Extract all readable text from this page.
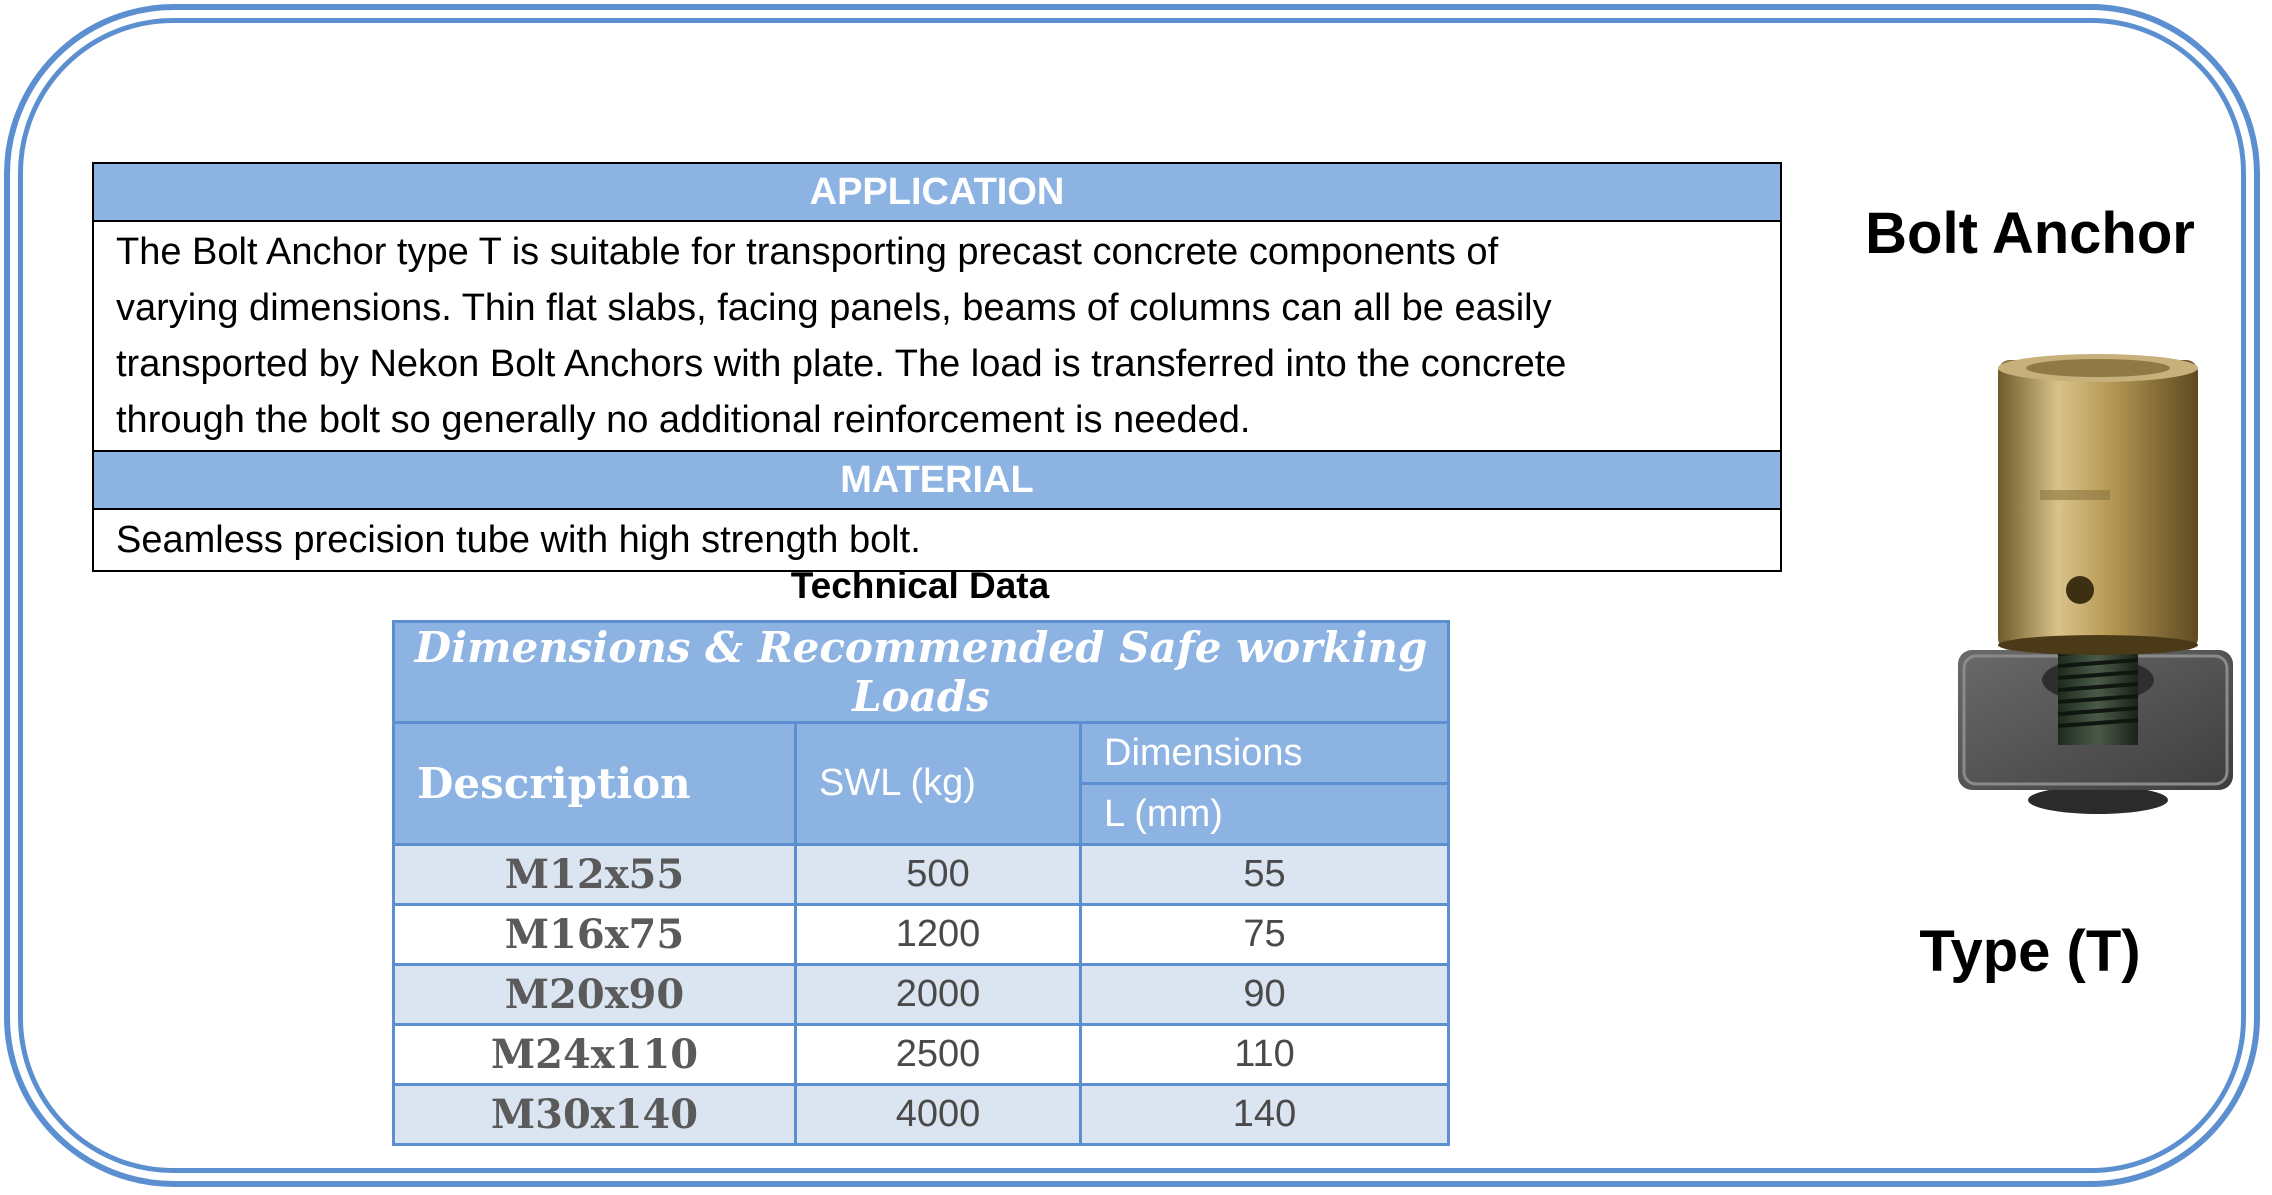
APPLICATION

The Bolt Anchor type T is suitable for transporting precast concrete components of
varying dimensions. Thin flat slabs, facing panels, beams of columns can all be easily
transported by Nekon Bolt Anchors with plate. The load is transferred into the concrete
through the bolt so generally no additional reinforcement is needed.

MATERIAL
Seamless precision tube with high strength bolt.
Technical Data
Dimensions & Recommended Safe working Loads		
Description	SWL (kg)	Dimensions
		L (mm)
M12x55	500	55
M16x75	1200	75
M20x90	2000	90
M24x110	2500	110
M30x140	4000	140
Bolt Anchor
Type (T)
